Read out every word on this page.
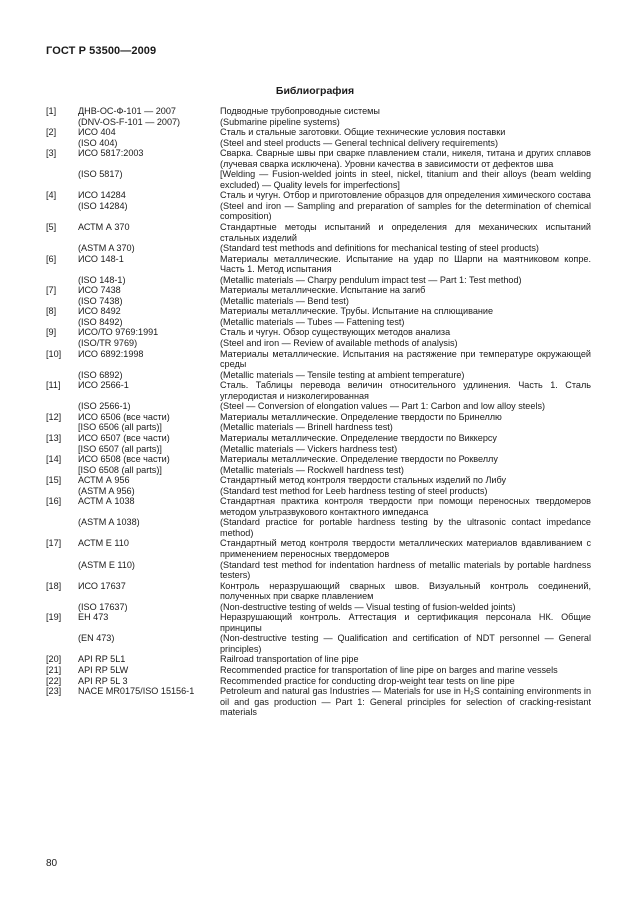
ГОСТ Р 53500—2009
Библиография
[1]	ДНВ-ОС-Ф-101 — 2007	Подводные трубопроводные системы
(DNV-OS-F-101 — 2007)	(Submarine pipeline systems)
[2]	ИСО 404	Сталь и стальные заготовки. Общие технические условия поставки
(ISO 404)	(Steel and steel products — General technical delivery requirements)
[3]	ИСО 5817:2003	Сварка. Сварные швы при сварке плавлением стали, никеля, титана и других сплавов (лучевая сварка исключена). Уровни качества в зависимости от дефектов шва
(ISO 5817)	[Welding — Fusion-welded joints in steel, nickel, titanium and their alloys (beam welding excluded) — Quality levels for imperfections]
[4]	ИСО 14284	Сталь и чугун. Отбор и приготовление образцов для определения химического состава
(ISO 14284)	(Steel and iron — Sampling and preparation of samples for the determination of chemical composition)
[5]	АСТМ А 370	Стандартные методы испытаний и определения для механических испытаний стальных изделий
(ASTM A 370)	(Standard test methods and definitions for mechanical testing of steel products)
[6]	ИСО 148-1	Материалы металлические. Испытание на удар по Шарпи на маятниковом копре. Часть 1. Метод испытания
(ISO 148-1)	(Metallic materials — Charpy pendulum impact test — Part 1: Test method)
[7]	ИСО 7438	Материалы металлические. Испытание на загиб
(ISO 7438)	(Metallic materials — Bend test)
[8]	ИСО 8492	Материалы металлические. Трубы. Испытание на сплющивание
(ISO 8492)	(Metallic materials — Tubes — Fattening test)
[9]	ИСО/ТО 9769:1991	Сталь и чугун. Обзор существующих методов анализа
(ISO/TR 9769)	(Steel and iron — Review of available methods of analysis)
[10]	ИСО 6892:1998	Материалы металлические. Испытания на растяжение при температуре окружающей среды
(ISO 6892)	(Metallic materials — Tensile testing at ambient temperature)
[11]	ИСО 2566-1	Сталь. Таблицы перевода величин относительного удлинения. Часть 1. Сталь углеродистая и низколегированная
(ISO 2566-1)	(Steel — Conversion of elongation values — Part 1: Carbon and low alloy steels)
[12]	ИСО 6506 (все части)	Материалы металлические. Определение твердости по Бринеллю
[ISO 6506 (all parts)]	(Metallic materials — Brinell hardness test)
[13]	ИСО 6507 (все части)	Материалы металлические. Определение твердости по Виккерсу
[ISO 6507 (all parts)]	(Metallic materials — Vickers hardness test)
[14]	ИСО 6508 (все части)	Материалы металлические. Определение твердости по Роквеллу
[ISO 6508 (all parts)]	(Metallic materials — Rockwell hardness test)
[15]	АСТМ А 956	Стандартный метод контроля твердости стальных изделий по Либу
(ASTM A 956)	(Standard test method for Leeb hardness testing of steel products)
[16]	АСТМ А 1038	Стандартная практика контроля твердости при помощи переносных твердомеров методом ультразвукового контактного импеданса
(ASTM A 1038)	(Standard practice for portable hardness testing by the ultrasonic contact impedance method)
[17]	АСТМ Е 110	Стандартный метод контроля твердости металлических материалов вдавливанием с применением переносных твердомеров
(ASTM E 110)	(Standard test method for indentation hardness of metallic materials by portable hardness testers)
[18]	ИСО 17637	Контроль неразрушающий сварных швов. Визуальный контроль соединений, полученных при сварке плавлением
(ISO 17637)	(Non-destructive testing of welds — Visual testing of fusion-welded joints)
[19]	ЕН 473	Неразрушающий контроль. Аттестация и сертификация персонала НК. Общие принципы
(EN 473)	(Non-destructive testing — Qualification and certification of NDT personnel — General principles)
[20]	API RP 5L1	Railroad transportation of line pipe
[21]	API RP 5LW	Recommended practice for transportation of line pipe on barges and marine vessels
[22]	API RP 5L 3	Recommended practice for conducting drop-weight tear tests on line pipe
[23]	NACE MR0175/ISO 15156-1	Petroleum and natural gas Industries — Materials for use in H₂S containing environments in oil and gas production — Part 1: General principles for selection of cracking-resistant materials
80
